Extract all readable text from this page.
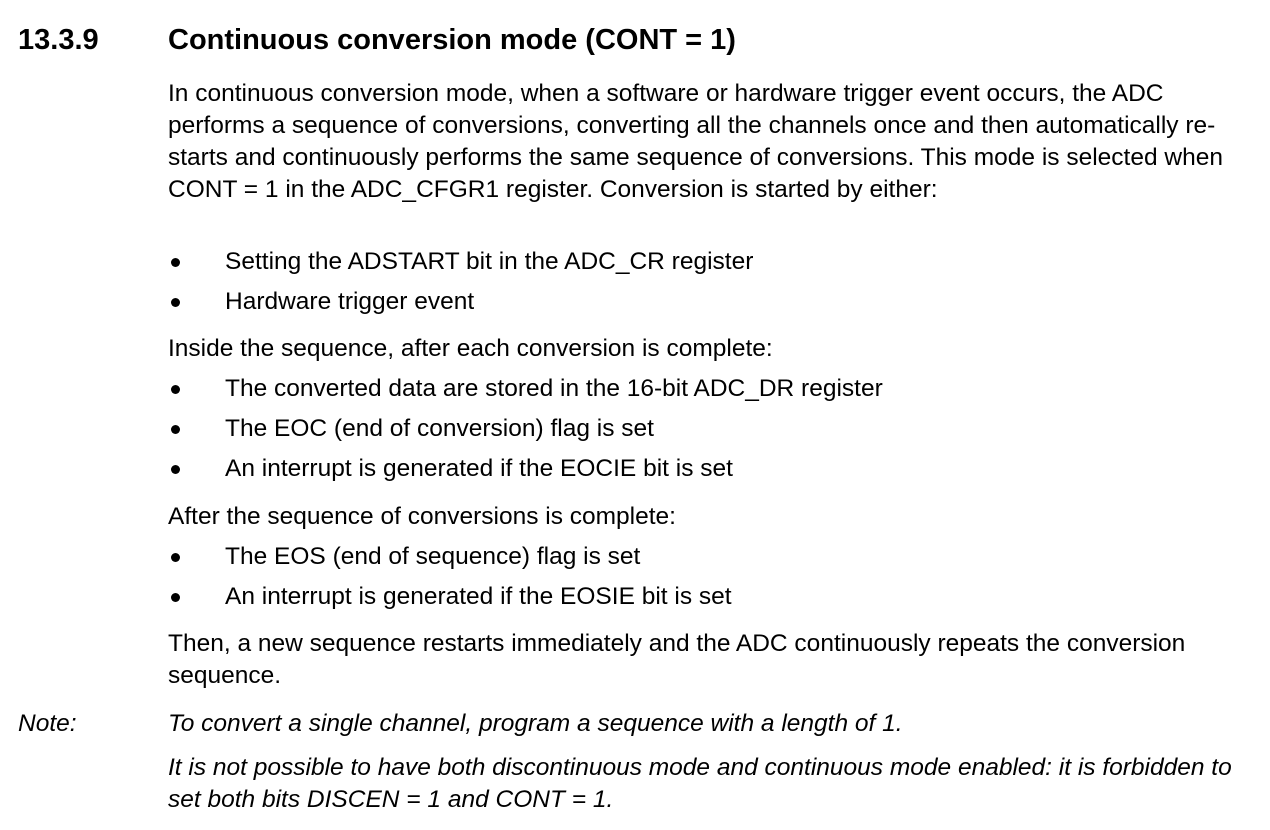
13.3.9 Continuous conversion mode (CONT = 1)
In continuous conversion mode, when a software or hardware trigger event occurs, the ADC performs a sequence of conversions, converting all the channels once and then automatically re-starts and continuously performs the same sequence of conversions. This mode is selected when CONT = 1 in the ADC_CFGR1 register. Conversion is started by either:
Setting the ADSTART bit in the ADC_CR register
Hardware trigger event
Inside the sequence, after each conversion is complete:
The converted data are stored in the 16-bit ADC_DR register
The EOC (end of conversion) flag is set
An interrupt is generated if the EOCIE bit is set
After the sequence of conversions is complete:
The EOS (end of sequence) flag is set
An interrupt is generated if the EOSIE bit is set
Then, a new sequence restarts immediately and the ADC continuously repeats the conversion sequence.
Note:	To convert a single channel, program a sequence with a length of 1.
It is not possible to have both discontinuous mode and continuous mode enabled: it is forbidden to set both bits DISCEN = 1 and CONT = 1.
